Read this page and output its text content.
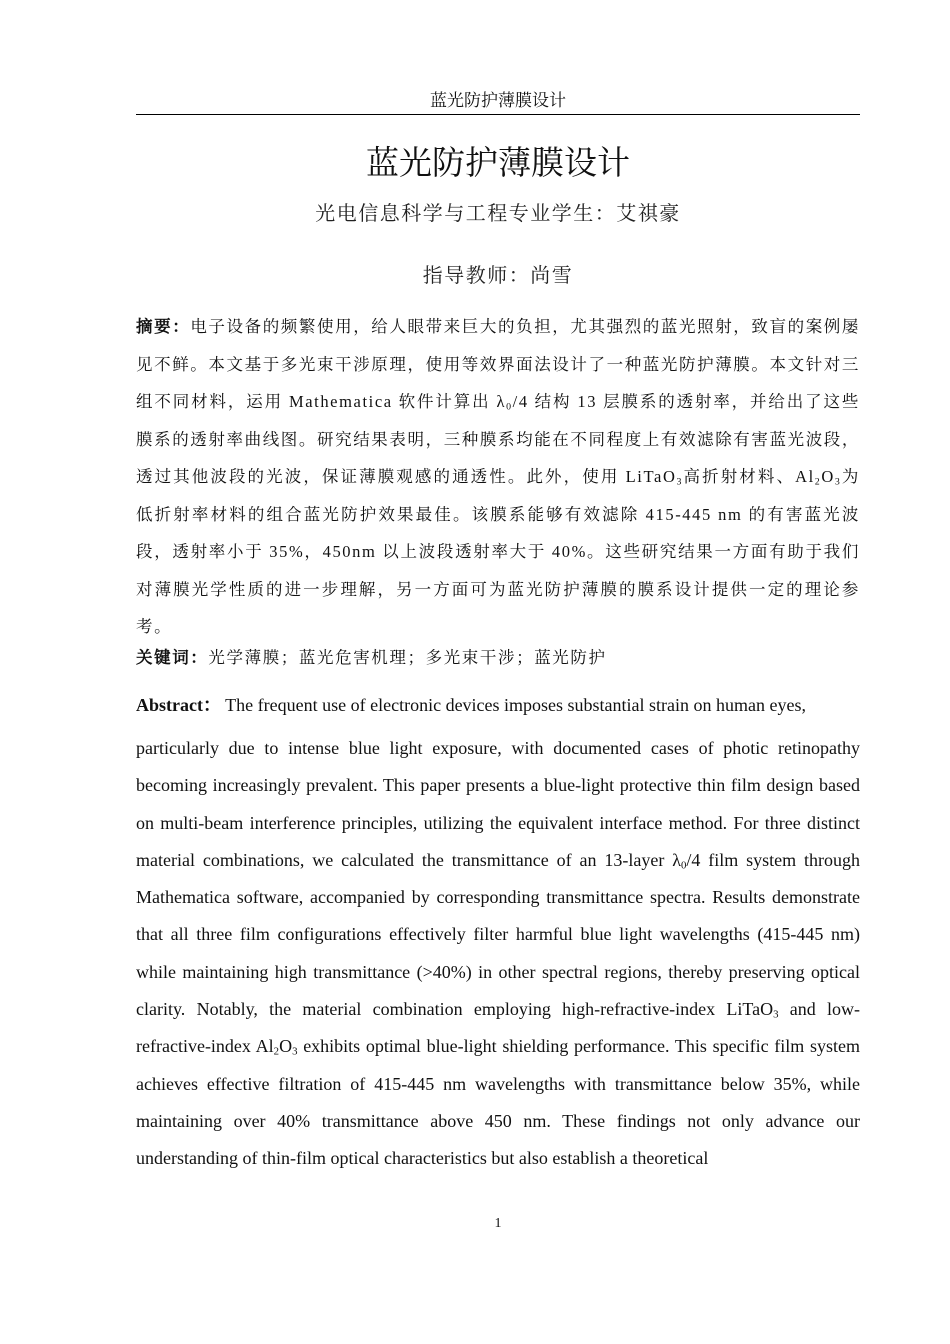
蓝光防护薄膜设计
蓝光防护薄膜设计
光电信息科学与工程专业学生：艾祺豪
指导教师：尚雪
摘要：电子设备的频繁使用，给人眼带来巨大的负担，尤其强烈的蓝光照射，致盲的案例屡见不鲜。本文基于多光束干涉原理，使用等效界面法设计了一种蓝光防护薄膜。本文针对三组不同材料，运用 Mathematica 软件计算出 $\lambda_0/4$ 结构 13 层膜系的透射率，并给出了这些膜系的透射率曲线图。研究结果表明，三种膜系均能在不同程度上有效滤除有害蓝光波段，透过其他波段的光波，保证薄膜观感的通透性。此外，使用 LiTaO$_3$高折射材料、$Al_2O_3$为低折射率材料的组合蓝光防护效果最佳。该膜系能够有效滤除 415-445 nm 的有害蓝光波段，透射率小于 35%，450nm 以上波段透射率大于 40%。这些研究结果一方面有助于我们对薄膜光学性质的进一步理解，另一方面可为蓝光防护薄膜的膜系设计提供一定的理论参考。
关键词：光学薄膜；蓝光危害机理；多光束干涉；蓝光防护
Abstract： The frequent use of electronic devices imposes substantial strain on human eyes,
particularly due to intense blue light exposure, with documented cases of photic retinopathy becoming increasingly prevalent. This paper presents a blue-light protective thin film design based on multi-beam interference principles, utilizing the equivalent interface method. For three distinct material combinations, we calculated the transmittance of an 13-layer $\lambda_0/4$ film system through Mathematica software, accompanied by corresponding transmittance spectra. Results demonstrate that all three film configurations effectively filter harmful blue light wavelengths (415-445 nm) while maintaining high transmittance (>40%) in other spectral regions, thereby preserving optical clarity. Notably, the material combination employing high-refractive-index LiTaO$_3$ and low-refractive-index $Al_2O_3$ exhibits optimal blue-light shielding performance. This specific film system achieves effective filtration of 415-445 nm wavelengths with transmittance below 35%, while maintaining over 40% transmittance above 450 nm. These findings not only advance our understanding of thin-film optical characteristics but also establish a theoretical
1
